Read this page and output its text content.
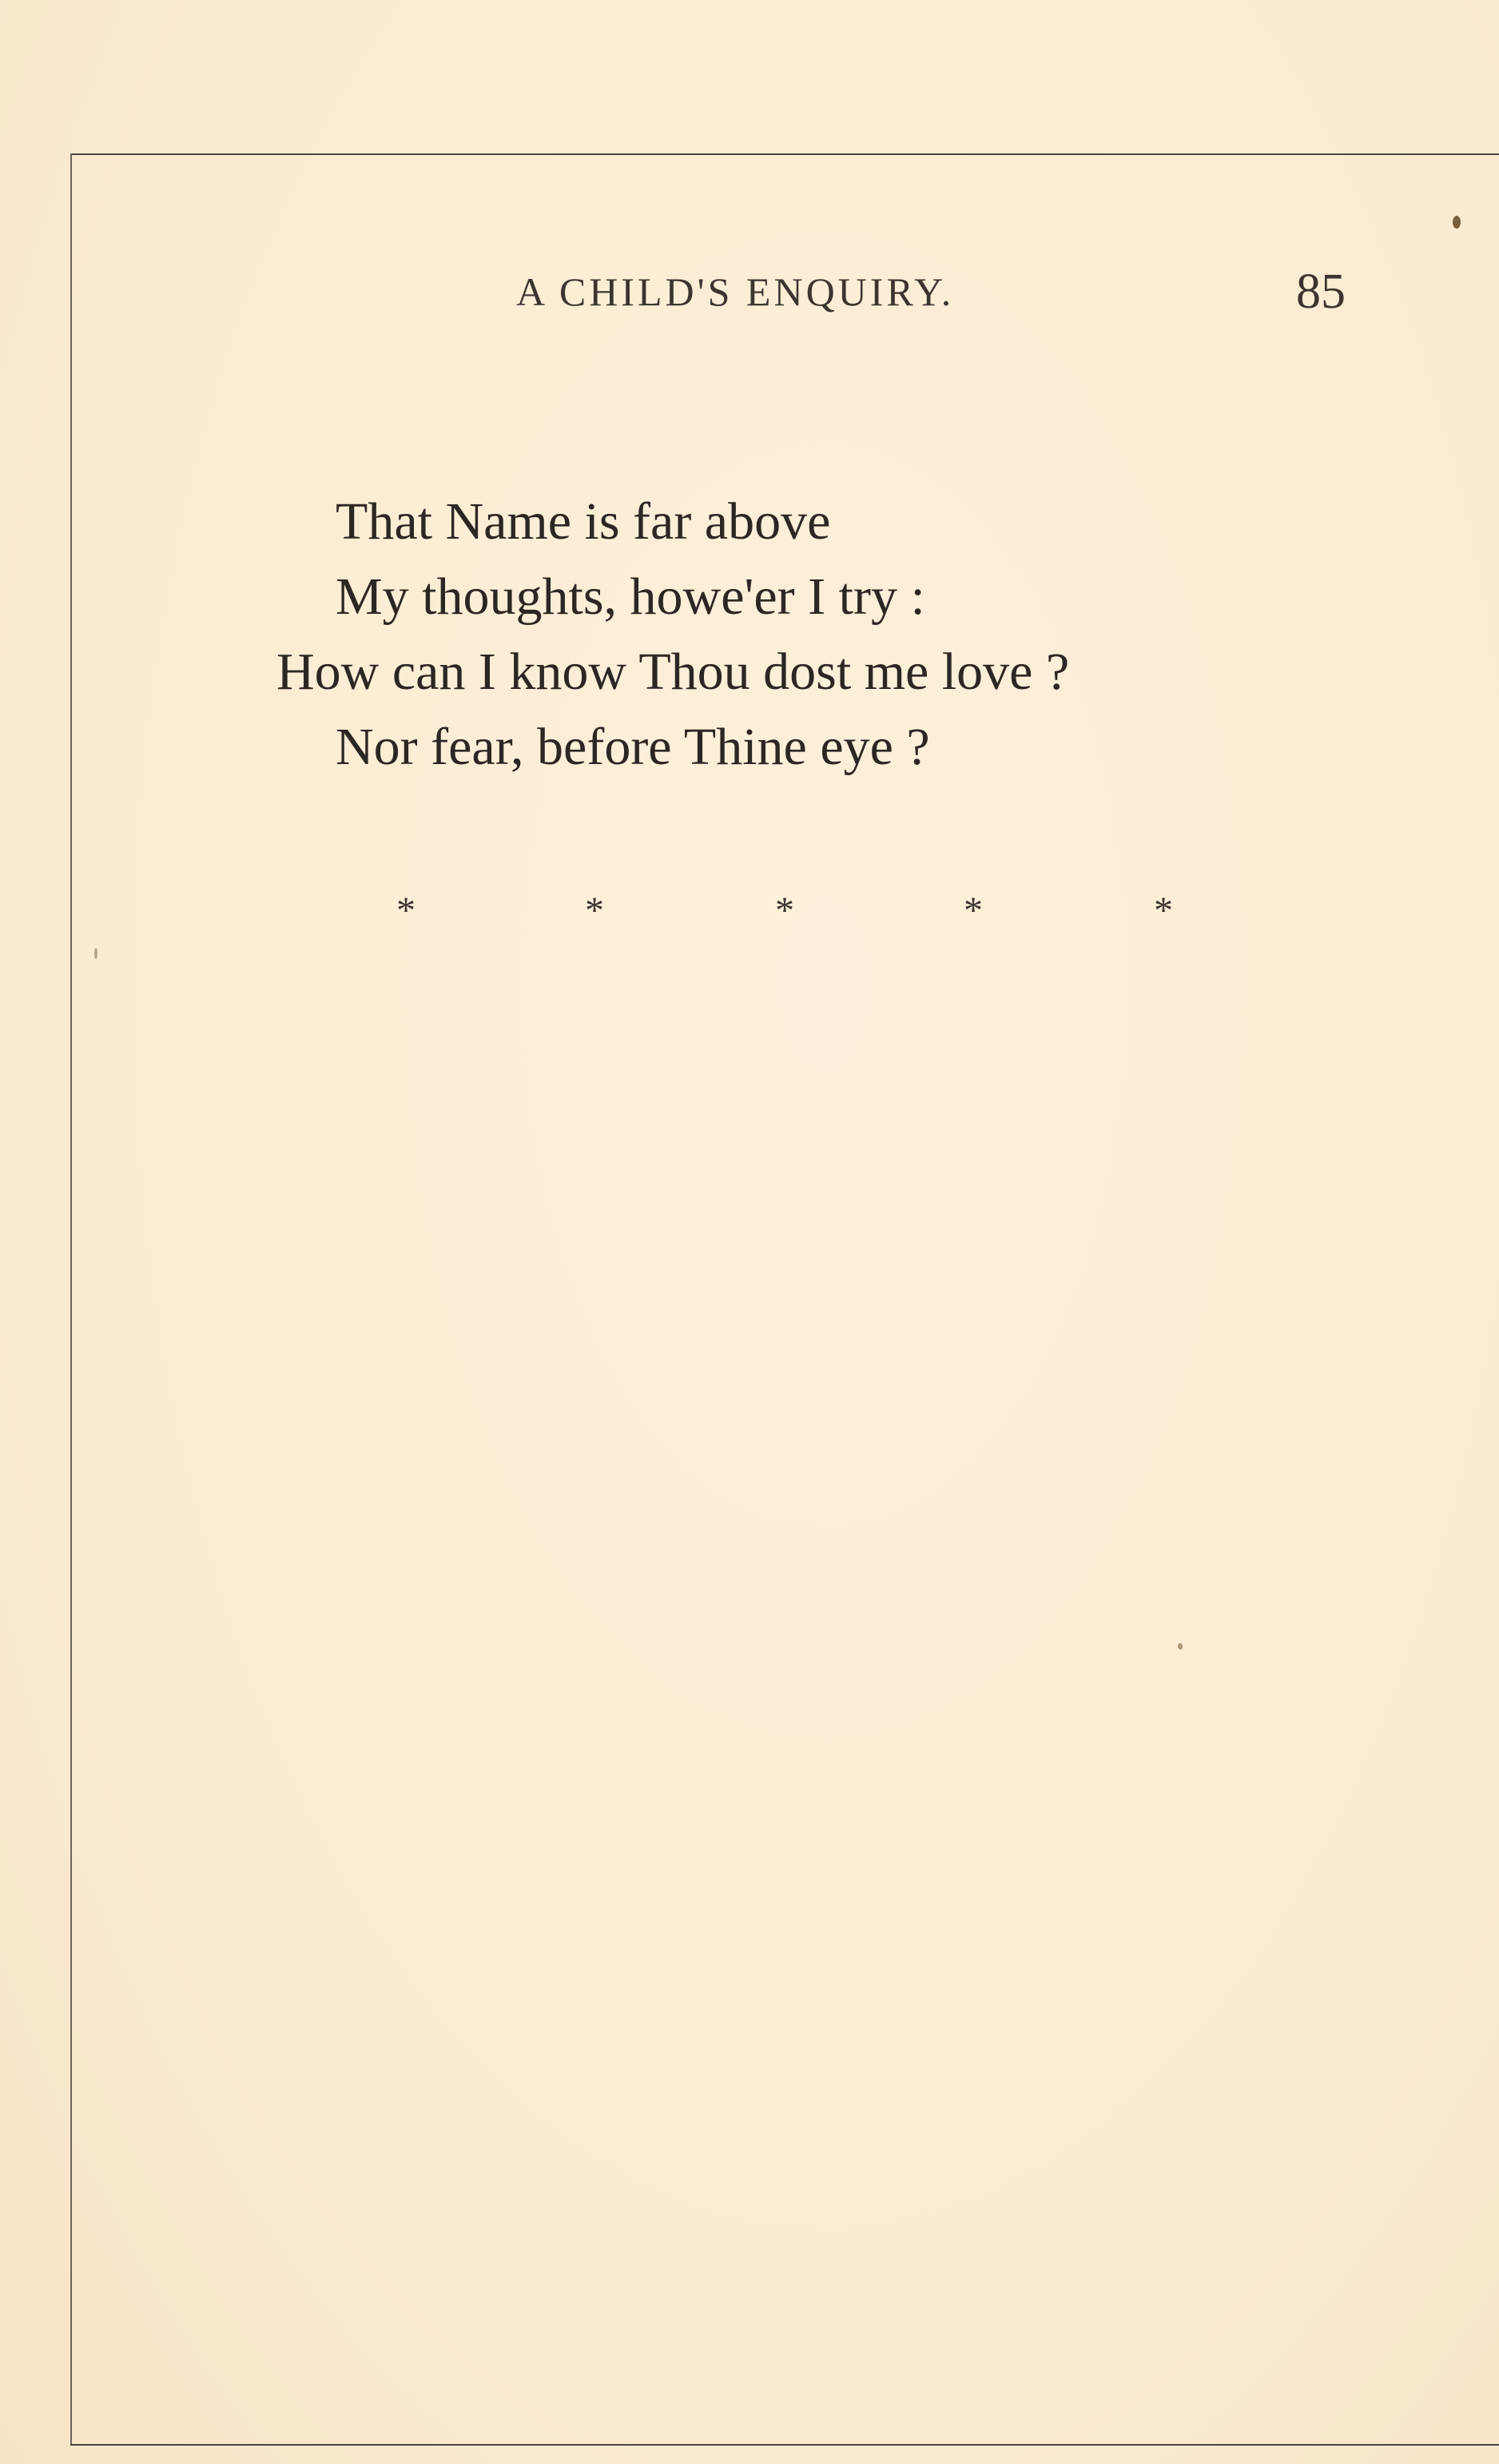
A CHILD'S ENQUIRY.	85
That Name is far above
My thoughts, howe'er I try :
How can I know Thou dost me love ?
Nor fear, before Thine eye ?
*	*	*	*	*
